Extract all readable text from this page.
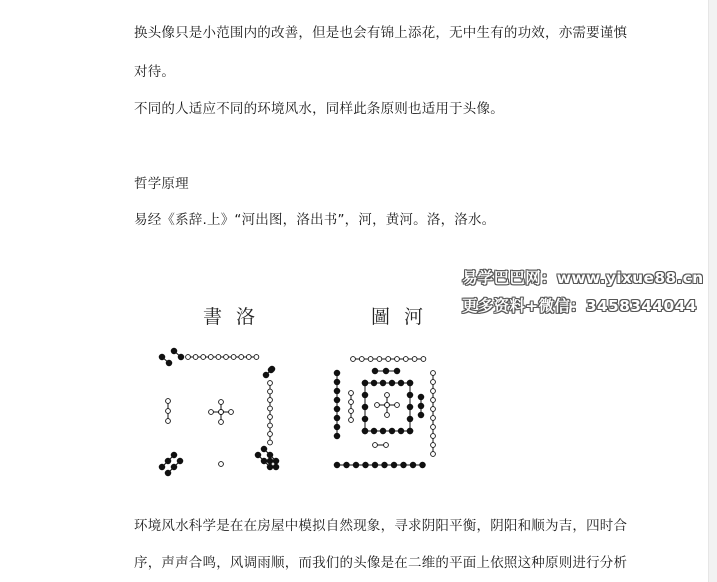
换头像只是小范围内的改善，但是也会有锦上添花，无中生有的功效，亦需要谨慎
对待。
不同的人适应不同的环境风水，同样此条原则也适用于头像。
哲学原理
易经《系辞.上》“河出图，洛出书”，河，黄河。洛，洛水。
易学巴巴网：www.yixue88.cn
更多资料+微信：3458344044
書洛	圖河
环境风水科学是在在房屋中模拟自然现象，寻求阴阳平衡，阴阳和顺为吉，四时合
序，声声合鸣，风调雨顺，而我们的头像是在二维的平面上依照这种原则进行分析
